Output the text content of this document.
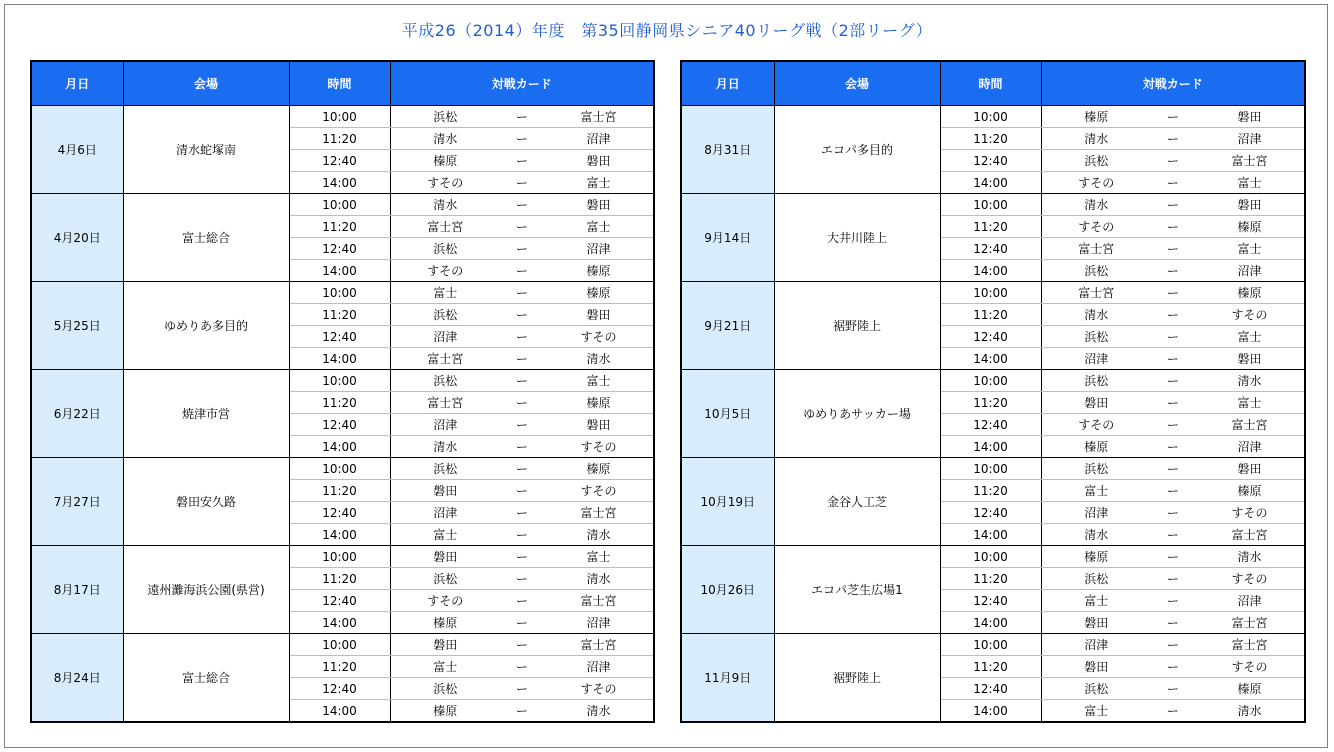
平成26（2014）年度　第35回静岡県シニア40リーグ戦（2部リーグ）
月日	会場	時間	対戦カード		
4月6日	清水蛇塚南	10:00	浜松	ー	富士宮
		11:20	清水	ー	沼津
		12:40	榛原	ー	磐田
		14:00	すその	ー	富士
4月20日	富士総合	10:00	清水	ー	磐田
		11:20	富士宮	ー	富士
		12:40	浜松	ー	沼津
		14:00	すその	ー	榛原
5月25日	ゆめりあ多目的	10:00	富士	ー	榛原
		11:20	浜松	ー	磐田
		12:40	沼津	ー	すその
		14:00	富士宮	ー	清水
6月22日	焼津市営	10:00	浜松	ー	富士
		11:20	富士宮	ー	榛原
		12:40	沼津	ー	磐田
		14:00	清水	ー	すその
7月27日	磐田安久路	10:00	浜松	ー	榛原
		11:20	磐田	ー	すその
		12:40	沼津	ー	富士宮
		14:00	富士	ー	清水
8月17日	遠州灘海浜公園(県営)	10:00	磐田	ー	富士
		11:20	浜松	ー	清水
		12:40	すその	ー	富士宮
		14:00	榛原	ー	沼津
8月24日	富士総合	10:00	磐田	ー	富士宮
		11:20	富士	ー	沼津
		12:40	浜松	ー	すその
		14:00	榛原	ー	清水
月日	会場	時間	対戦カード		
8月31日	エコパ多目的	10:00	榛原	ー	磐田
		11:20	清水	ー	沼津
		12:40	浜松	ー	富士宮
		14:00	すその	ー	富士
9月14日	大井川陸上	10:00	清水	ー	磐田
		11:20	すその	ー	榛原
		12:40	富士宮	ー	富士
		14:00	浜松	ー	沼津
9月21日	裾野陸上	10:00	富士宮	ー	榛原
		11:20	清水	ー	すその
		12:40	浜松	ー	富士
		14:00	沼津	ー	磐田
10月5日	ゆめりあサッカー場	10:00	浜松	ー	清水
		11:20	磐田	ー	富士
		12:40	すその	ー	富士宮
		14:00	榛原	ー	沼津
10月19日	金谷人工芝	10:00	浜松	ー	磐田
		11:20	富士	ー	榛原
		12:40	沼津	ー	すその
		14:00	清水	ー	富士宮
10月26日	エコパ芝生広場1	10:00	榛原	ー	清水
		11:20	浜松	ー	すその
		12:40	富士	ー	沼津
		14:00	磐田	ー	富士宮
11月9日	裾野陸上	10:00	沼津	ー	富士宮
		11:20	磐田	ー	すその
		12:40	浜松	ー	榛原
		14:00	富士	ー	清水
